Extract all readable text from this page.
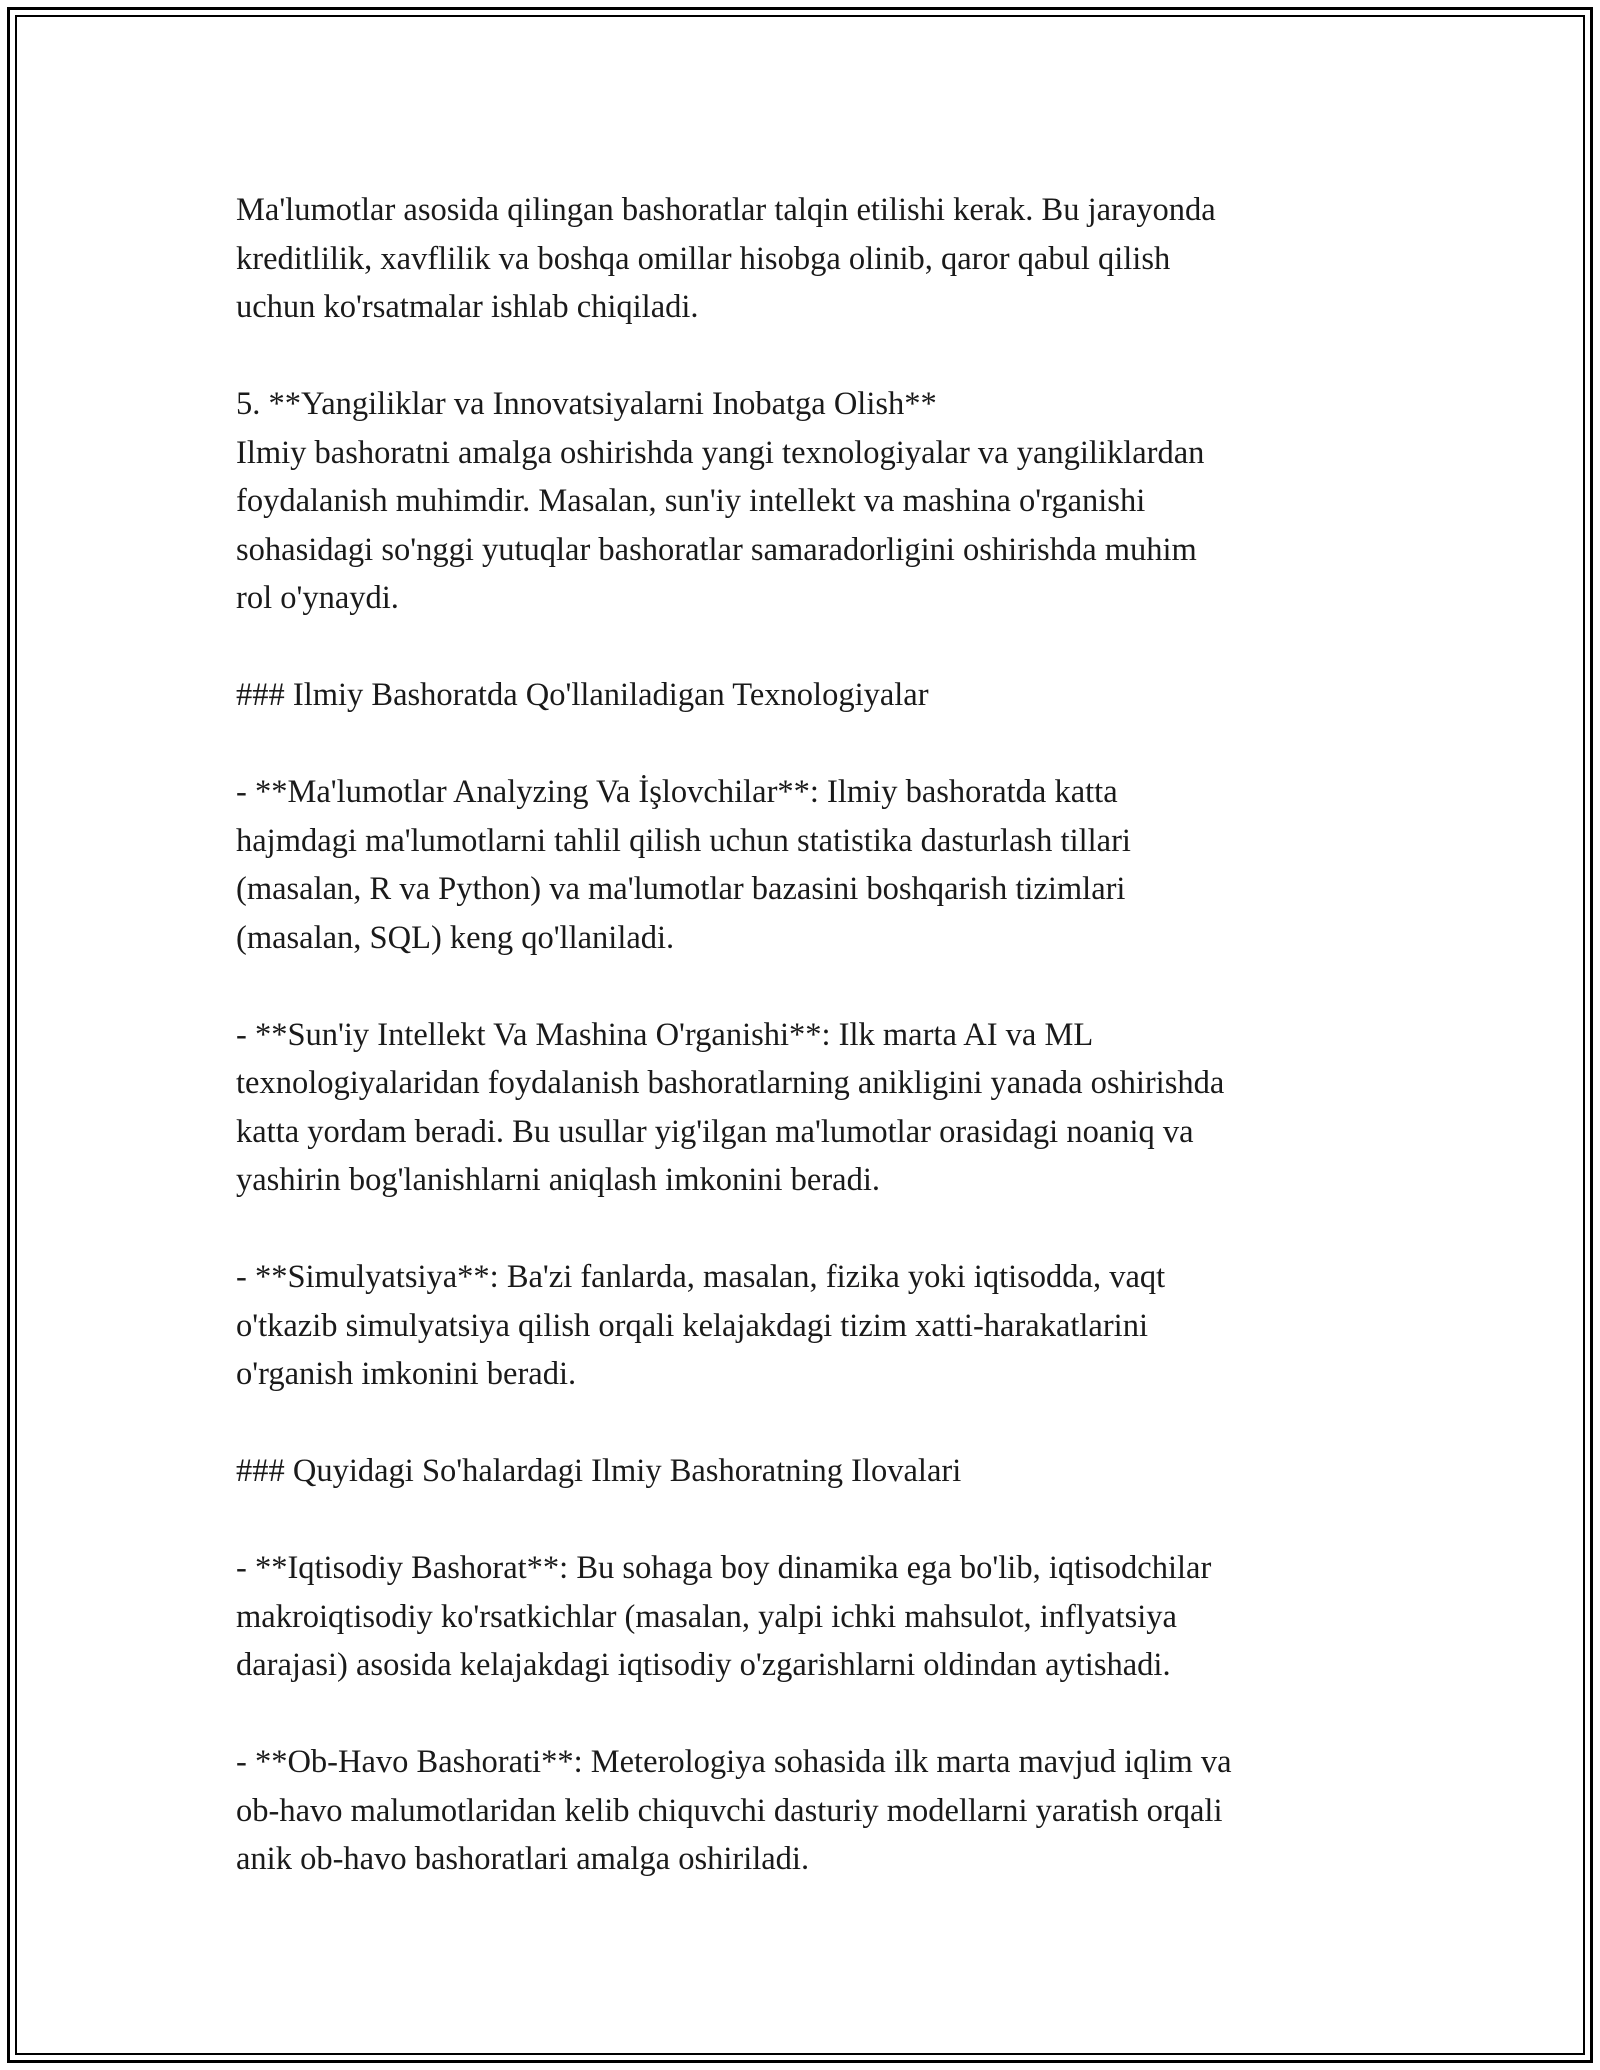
Ma'lumotlar asosida qilingan bashoratlar talqin etilishi kerak. Bu jarayonda
kreditlilik, xavflilik va boshqa omillar hisobga olinib, qaror qabul qilish
uchun ko'rsatmalar ishlab chiqiladi.

5. **Yangiliklar va Innovatsiyalarni Inobatga Olish**
Ilmiy bashoratni amalga oshirishda yangi texnologiyalar va yangiliklardan
foydalanish muhimdir. Masalan, sun'iy intellekt va mashina o'rganishi
sohasidagi so'nggi yutuqlar bashoratlar samaradorligini oshirishda muhim
rol o'ynaydi.

### Ilmiy Bashoratda Qo'llaniladigan Texnologiyalar

- **Ma'lumotlar Analyzing Va İşlovchilar**: Ilmiy bashoratda katta
hajmdagi ma'lumotlarni tahlil qilish uchun statistika dasturlash tillari
(masalan, R va Python) va ma'lumotlar bazasini boshqarish tizimlari
(masalan, SQL) keng qo'llaniladi.

- **Sun'iy Intellekt Va Mashina O'rganishi**: Ilk marta AI va ML
texnologiyalaridan foydalanish bashoratlarning anikligini yanada oshirishda
katta yordam beradi. Bu usullar yig'ilgan ma'lumotlar orasidagi noaniq va
yashirin bog'lanishlarni aniqlash imkonini beradi.

- **Simulyatsiya**: Ba'zi fanlarda, masalan, fizika yoki iqtisodda, vaqt
o'tkazib simulyatsiya qilish orqali kelajakdagi tizim xatti-harakatlarini
o'rganish imkonini beradi.

### Quyidagi So'halardagi Ilmiy Bashoratning Ilovalari

- **Iqtisodiy Bashorat**: Bu sohaga boy dinamika ega bo'lib, iqtisodchilar
makroiqtisodiy ko'rsatkichlar (masalan, yalpi ichki mahsulot, inflyatsiya
darajasi) asosida kelajakdagi iqtisodiy o'zgarishlarni oldindan aytishadi.

- **Ob-Havo Bashorati**: Meterologiya sohasida ilk marta mavjud iqlim va
ob-havo malumotlaridan kelib chiquvchi dasturiy modellarni yaratish orqali
anik ob-havo bashoratlari amalga oshiriladi.
